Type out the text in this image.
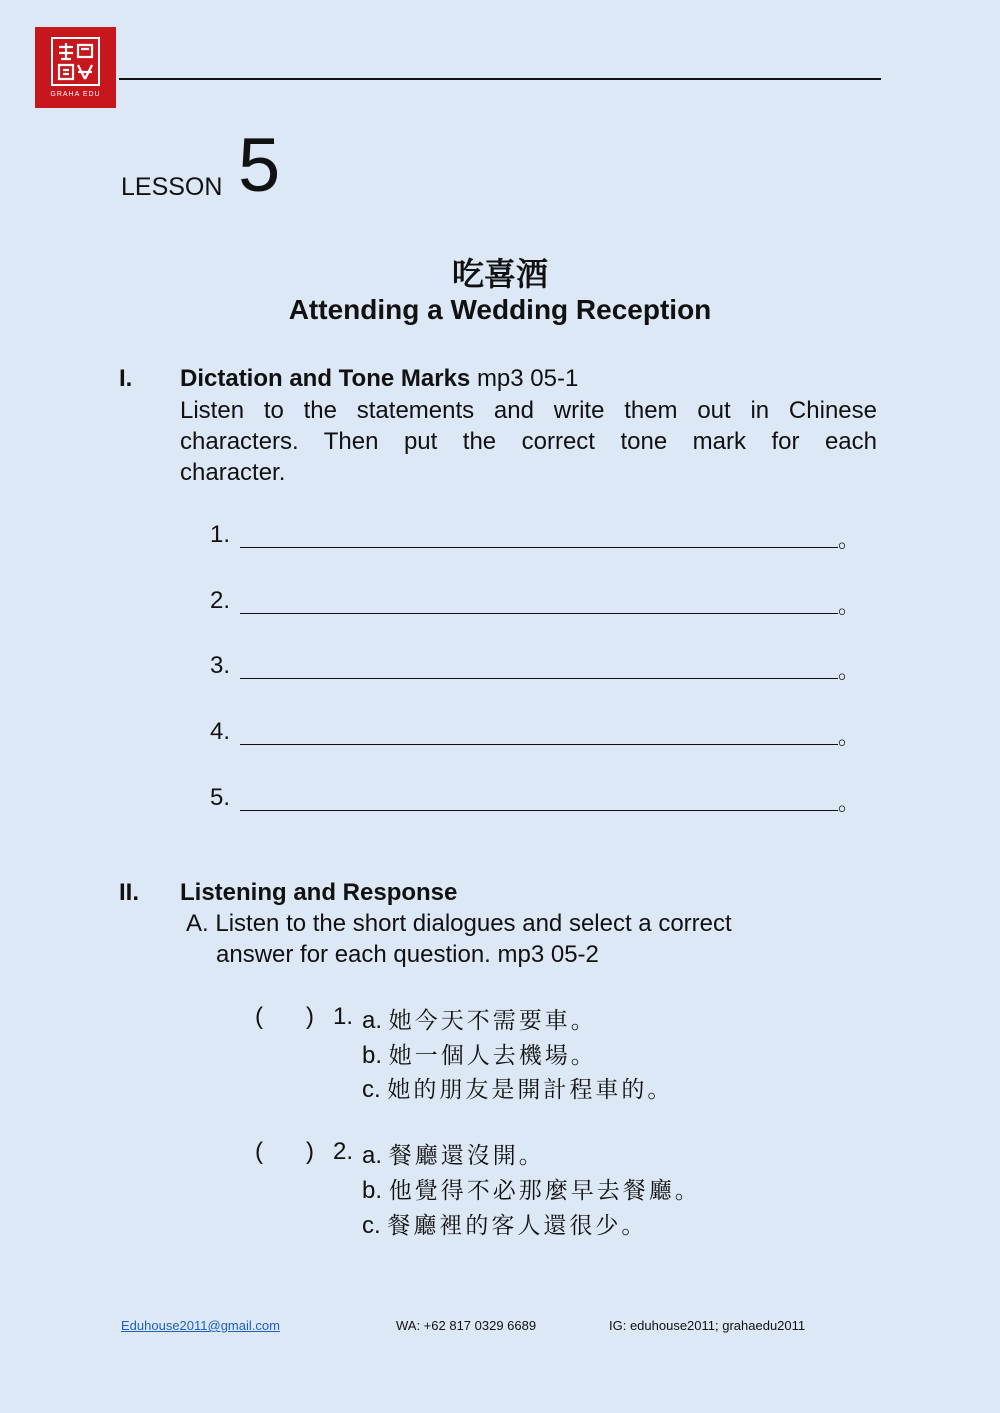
GRAHA EDU
LESSON 5
吃喜酒
Attending a Wedding Reception
I. Dictation and Tone Marks mp3 05-1
Listen to the statements and write them out in Chinese
characters. Then put the correct tone mark for each
character.
1.	。
2.	。
3.	。
4.	。
5.	。
II. Listening and Response
A. Listen to the short dialogues and select a correct
answer for each question. mp3 05-2
( ) 1. a. 她今天不需要車。
b. 她一個人去機場。
c. 她的朋友是開計程車的。
( ) 2. a. 餐廳還沒開。
b. 他覺得不必那麼早去餐廳。
c. 餐廳裡的客人還很少。
Eduhouse2011@gmail.com	WA: +62 817 0329 6689	IG: eduhouse2011; grahaedu2011
